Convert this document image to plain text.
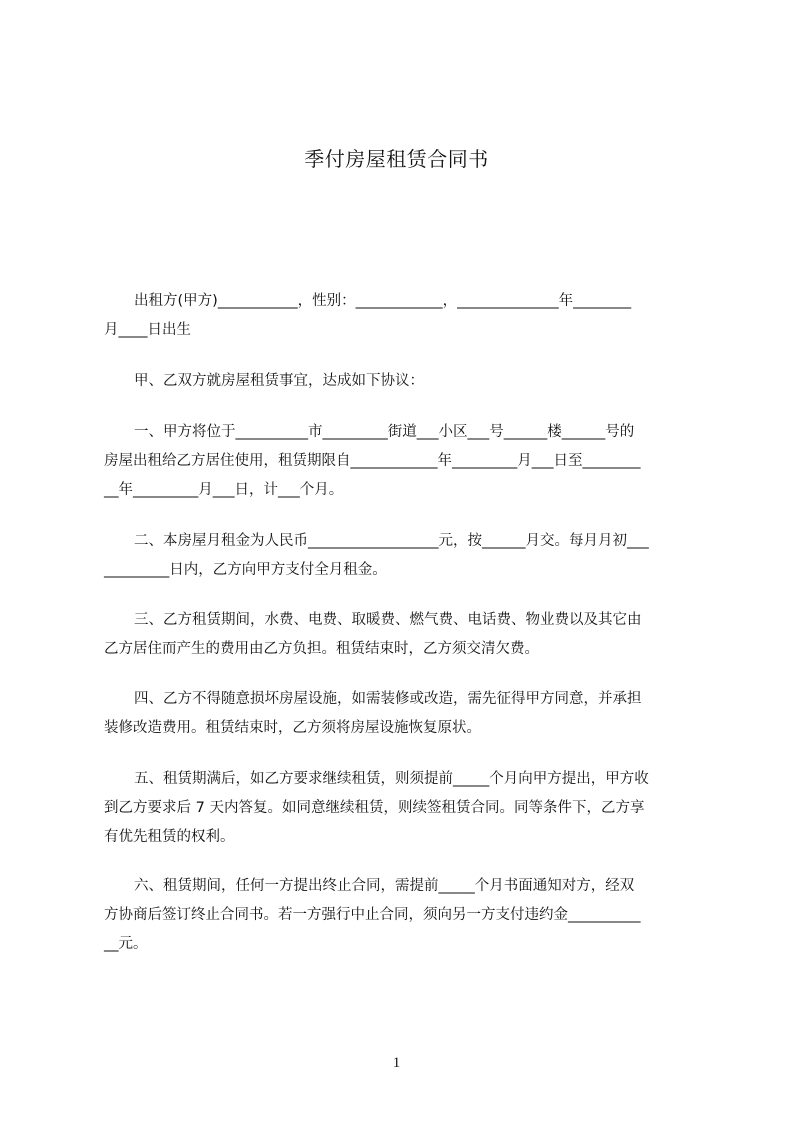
季付房屋租赁合同书
出租方(甲方)___________，性别：____________，______________年________
月____日出生
甲、乙双方就房屋租赁事宜，达成如下协议：
一、甲方将位于__________市_________街道___小区___号______楼______号的
房屋出租给乙方居住使用，租赁期限自____________年_________月___日至________
__年_________月___日，计___个月。
二、本房屋月租金为人民币__________________元，按______月交。每月月初___
_________日内，乙方向甲方支付全月租金。
三、乙方租赁期间，水费、电费、取暖费、燃气费、电话费、物业费以及其它由
乙方居住而产生的费用由乙方负担。租赁结束时，乙方须交清欠费。
四、乙方不得随意损坏房屋设施，如需装修或改造，需先征得甲方同意，并承担
装修改造费用。租赁结束时，乙方须将房屋设施恢复原状。
五、租赁期满后，如乙方要求继续租赁，则须提前_____个月向甲方提出，甲方收
到乙方要求后 7 天内答复。如同意继续租赁，则续签租赁合同。同等条件下，乙方享
有优先租赁的权利。
六、租赁期间，任何一方提出终止合同，需提前_____个月书面通知对方，经双
方协商后签订终止合同书。若一方强行中止合同，须向另一方支付违约金__________
__元。
1
